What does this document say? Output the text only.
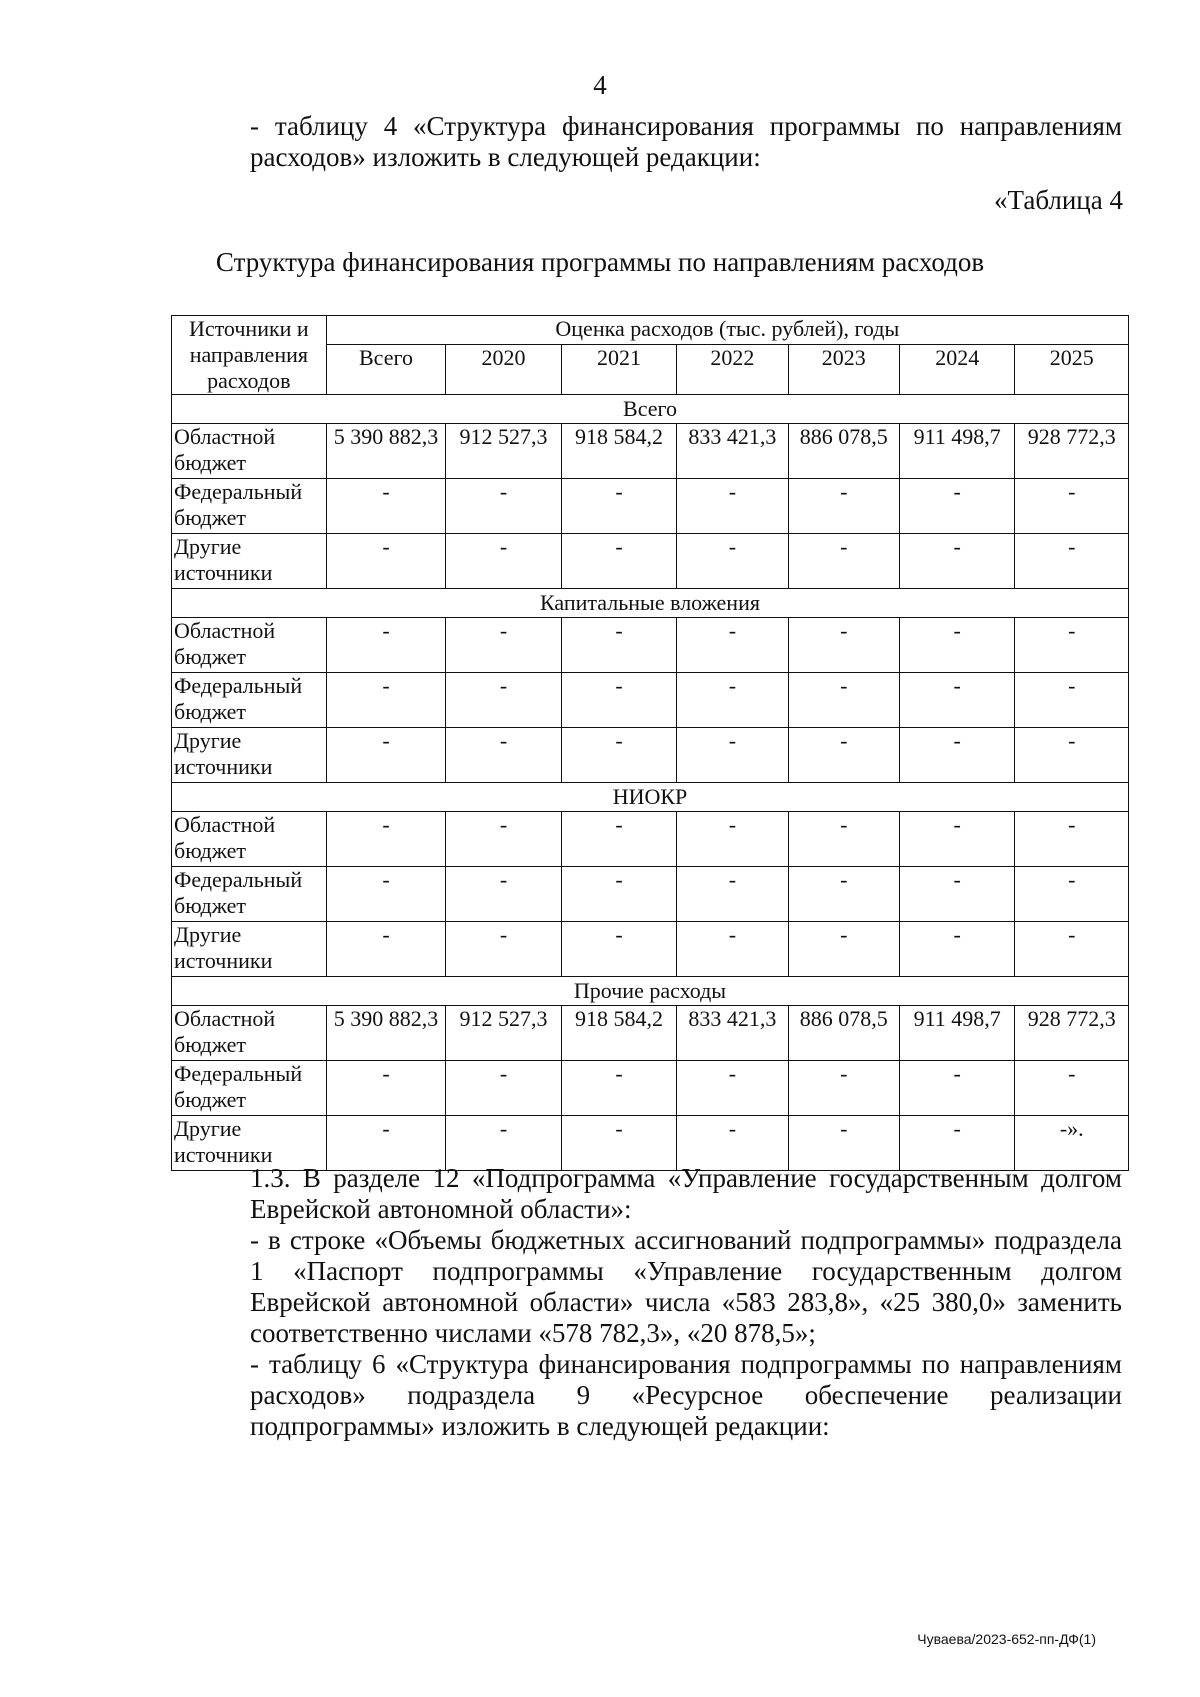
4
- таблицу 4 «Структура финансирования программы по направлениям расходов» изложить в следующей редакции:
«Таблица 4
Структура финансирования программы по направлениям расходов
Источники и направления расходов	Оценка расходов (тыс. рублей), годы						
	Всего	2020	2021	2022	2023	2024	2025
Всего							
Областной бюджет	5 390 882,3	912 527,3	918 584,2	833 421,3	886 078,5	911 498,7	928 772,3
Федеральный бюджет	-	-	-	-	-	-	-
Другие источники	-	-	-	-	-	-	-
Капитальные вложения							
Областной бюджет	-	-	-	-	-	-	-
Федеральный бюджет	-	-	-	-	-	-	-
Другие источники	-	-	-	-	-	-	-
НИОКР							
Областной бюджет	-	-	-	-	-	-	-
Федеральный бюджет	-	-	-	-	-	-	-
Другие источники	-	-	-	-	-	-	-
Прочие расходы							
Областной бюджет	5 390 882,3	912 527,3	918 584,2	833 421,3	886 078,5	911 498,7	928 772,3
Федеральный бюджет	-	-	-	-	-	-	-
Другие источники	-	-	-	-	-	-	-».
1.3. В разделе 12 «Подпрограмма «Управление государственным долгом Еврейской автономной области»:
- в строке «Объемы бюджетных ассигнований подпрограммы» подраздела 1 «Паспорт подпрограммы «Управление государственным долгом Еврейской автономной области» числа «583 283,8», «25 380,0» заменить соответственно числами «578 782,3», «20 878,5»;
- таблицу 6 «Структура финансирования подпрограммы по направлениям расходов» подраздела 9 «Ресурсное обеспечение реализации подпрограммы» изложить в следующей редакции:
Чуваева/2023-652-пп-ДФ(1)
